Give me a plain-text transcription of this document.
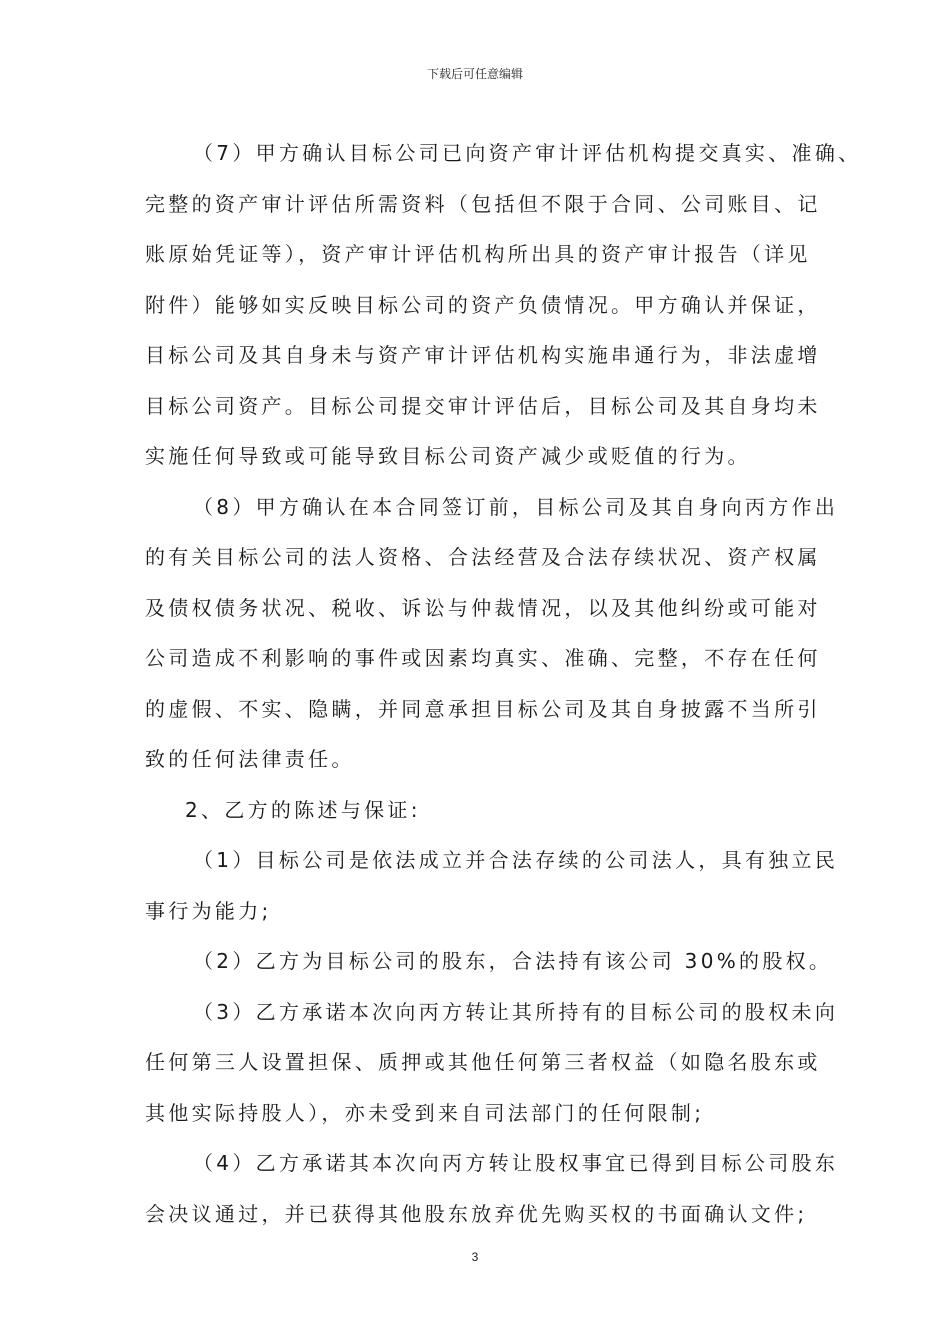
下载后可任意编辑
（7）甲方确认目标公司已向资产审计评估机构提交真实、准确、
完整的资产审计评估所需资料（包括但不限于合同、公司账目、记
账原始凭证等），资产审计评估机构所出具的资产审计报告（详见
附件）能够如实反映目标公司的资产负债情况。甲方确认并保证，
目标公司及其自身未与资产审计评估机构实施串通行为，非法虚增
目标公司资产。目标公司提交审计评估后，目标公司及其自身均未
实施任何导致或可能导致目标公司资产减少或贬值的行为。
（8）甲方确认在本合同签订前，目标公司及其自身向丙方作出
的有关目标公司的法人资格、合法经营及合法存续状况、资产权属
及债权债务状况、税收、诉讼与仲裁情况，以及其他纠纷或可能对
公司造成不利影响的事件或因素均真实、准确、完整，不存在任何
的虚假、不实、隐瞒，并同意承担目标公司及其自身披露不当所引
致的任何法律责任。
2、乙方的陈述与保证:
（1）目标公司是依法成立并合法存续的公司法人，具有独立民
事行为能力;
（2）乙方为目标公司的股东，合法持有该公司 30%的股权。
（3）乙方承诺本次向丙方转让其所持有的目标公司的股权未向
任何第三人设置担保、质押或其他任何第三者权益（如隐名股东或
其他实际持股人），亦未受到来自司法部门的任何限制;
（4）乙方承诺其本次向丙方转让股权事宜已得到目标公司股东
会决议通过，并已获得其他股东放弃优先购买权的书面确认文件;
3
